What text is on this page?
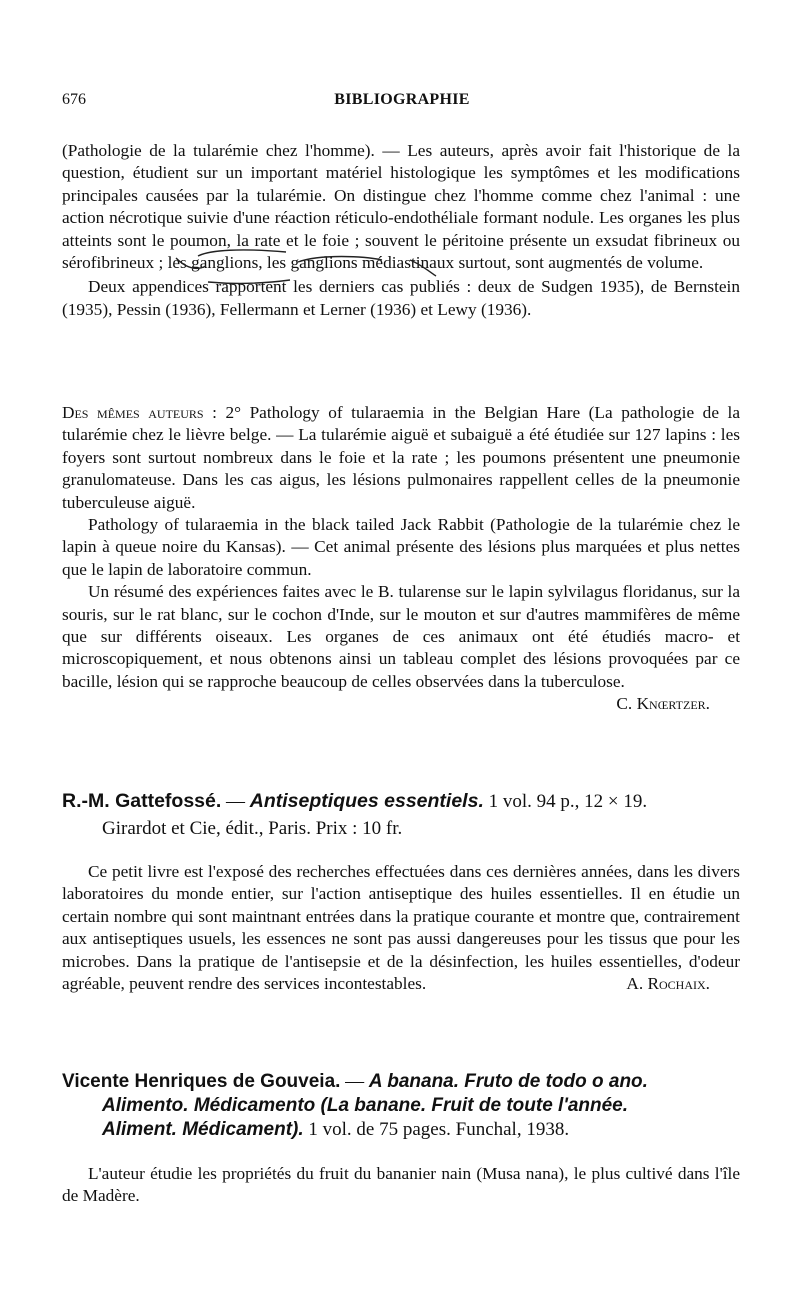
676	BIBLIOGRAPHIE

(Pathologie de la tularémie chez l'homme). — Les auteurs, après avoir fait l'historique de la question, étudient sur un important matériel histologique les symptômes et les modifications principales causées par la tularémie. On distingue chez l'homme comme chez l'animal : une action nécrotique suivie d'une réaction réticulo-endothéliale formant nodule. Les organes les plus atteints sont le poumon, la rate et le foie ; souvent le péritoine présente un exsudat fibrineux ou sérofibrineux ; les ganglions, les ganglions médiastinaux surtout, sont augmentés de volume.

Deux appendices rapportent les derniers cas publiés : deux de Sudgen 1935), de Bernstein (1935), Pessin (1936), Fellermann et Lerner (1936) et Lewy (1936).

Des mêmes auteurs : 2° Pathology of tularaemia in the Belgian Hare (La pathologie de la tularémie chez le lièvre belge. — La tularémie aiguë et subaiguë a été étudiée sur 127 lapins : les foyers sont surtout nombreux dans le foie et la rate ; les poumons présentent une pneumonie granulomateuse. Dans les cas aigus, les lésions pulmonaires rappellent celles de la pneumonie tuberculeuse aiguë.

Pathology of tularaemia in the black tailed Jack Rabbit (Pathologie de la tularémie chez le lapin à queue noire du Kansas). — Cet animal présente des lésions plus marquées et plus nettes que le lapin de laboratoire commun.

Un résumé des expériences faites avec le B. tularense sur le lapin sylvilagus floridanus, sur la souris, sur le rat blanc, sur le cochon d'Inde, sur le mouton et sur d'autres mammifères de même que sur différents oiseaux. Les organes de ces animaux ont été étudiés macro- et microscopiquement, et nous obtenons ainsi un tableau complet des lésions provoquées par ce bacille, lésion qui se rapproche beaucoup de celles observées dans la tuberculose.
C. Knœrtzer.

R.-M. Gattefossé. — Antiseptiques essentiels. 1 vol. 94 p., 12 × 19.
Girardot et Cie, édit., Paris. Prix : 10 fr.

Ce petit livre est l'exposé des recherches effectuées dans ces dernières années, dans les divers laboratoires du monde entier, sur l'action antiseptique des huiles essentielles. Il en étudie un certain nombre qui sont maintnant entrées dans la pratique courante et montre que, contrairement aux antiseptiques usuels, les essences ne sont pas aussi dangereuses pour les tissus que pour les microbes. Dans la pratique de l'antisepsie et de la désinfection, les huiles essentielles, d'odeur agréable, peuvent rendre des services incontestables.	A. Rochaix.

Vicente Henriques de Gouveia. — A banana. Fruto de todo o ano.
Alimento. Médicamento (La banane. Fruit de toute l'année.
Aliment. Médicament). 1 vol. de 75 pages. Funchal, 1938.

L'auteur étudie les propriétés du fruit du bananier nain (Musa nana), le plus cultivé dans l'île de Madère.
